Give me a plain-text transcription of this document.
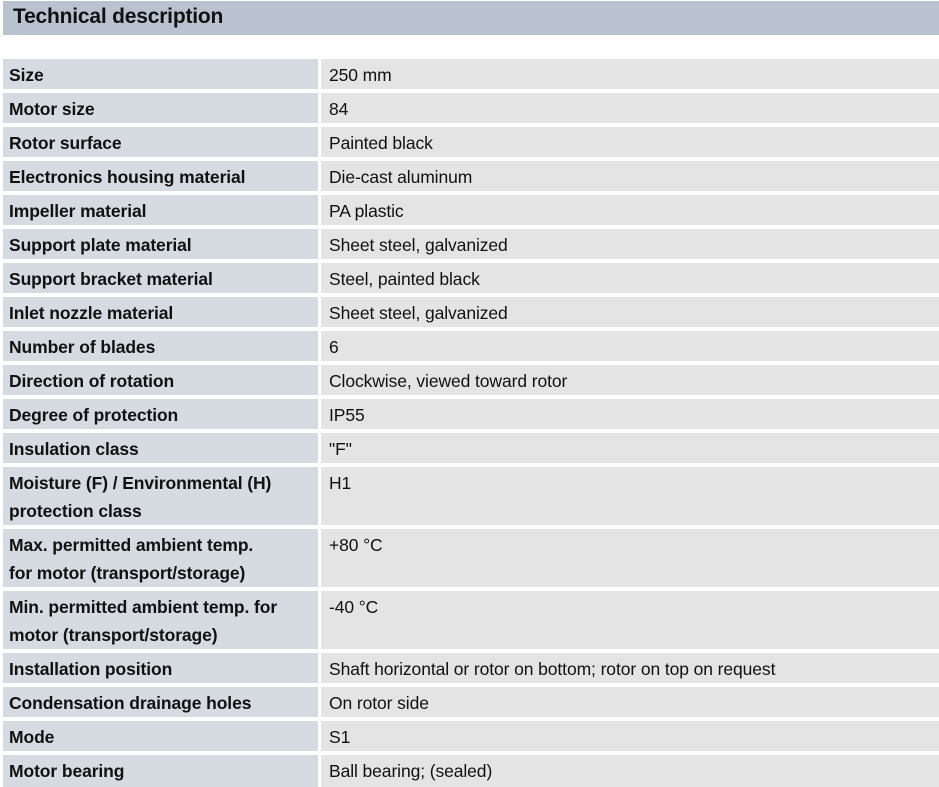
Technical description
Size	250 mm
Motor size	84
Rotor surface	Painted black
Electronics housing material	Die-cast aluminum
Impeller material	PA plastic
Support plate material	Sheet steel, galvanized
Support bracket material	Steel, painted black
Inlet nozzle material	Sheet steel, galvanized
Number of blades	6
Direction of rotation	Clockwise, viewed toward rotor
Degree of protection	IP55
Insulation class	"F"
Moisture (F) / Environmental (H)
protection class	H1
Max. permitted ambient temp.
for motor (transport/storage)	+80 °C
Min. permitted ambient temp. for
motor (transport/storage)	-40 °C
Installation position	Shaft horizontal or rotor on bottom; rotor on top on request
Condensation drainage holes	On rotor side
Mode	S1
Motor bearing	Ball bearing; (sealed)
